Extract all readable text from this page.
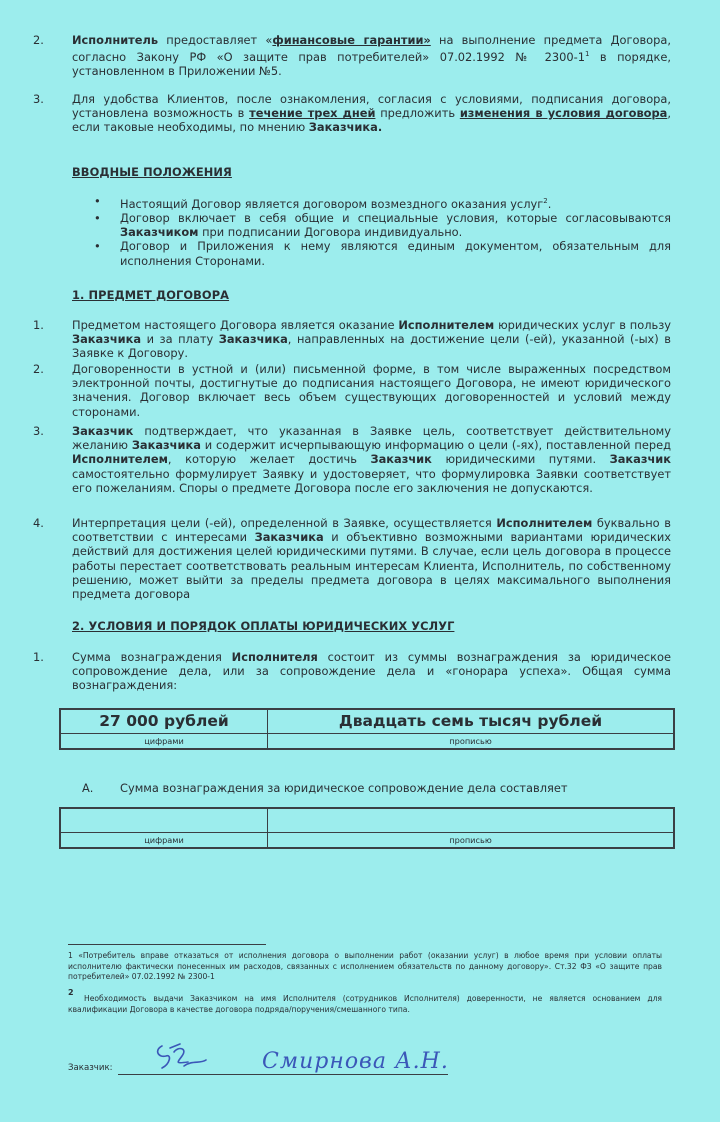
2. Исполнитель предоставляет «финансовые гарантии» на выполнение предмета Договора, согласно Закону РФ «О защите прав потребителей» 07.02.1992 № $2300-1^1$ в порядке, установленном в Приложении №5.
3. Для удобства Клиентов, после ознакомления, согласия с условиями, подписания договора, установлена возможность в течение трех дней предложить изменения в условия договора, если таковые необходимы, по мнению Заказчика.
ВВОДНЫЕ ПОЛОЖЕНИЯ
• Настоящий Договор является договором возмездного оказания услуг$^2$.
• Договор включает в себя общие и специальные условия, которые согласовываются Заказчиком при подписании Договора индивидуально.
• Договор и Приложения к нему являются единым документом, обязательным для исполнения Сторонами.
1. ПРЕДМЕТ ДОГОВОРА
1. Предметом настоящего Договора является оказание Исполнителем юридических услуг в пользу Заказчика и за плату Заказчика, направленных на достижение цели (-ей), указанной (-ых) в Заявке к Договору.
2. Договоренности в устной и (или) письменной форме, в том числе выраженных посредством электронной почты, достигнутые до подписания настоящего Договора, не имеют юридического значения. Договор включает весь объем существующих договоренностей и условий между сторонами.
3. Заказчик подтверждает, что указанная в Заявке цель, соответствует действительному желанию Заказчика и содержит исчерпывающую информацию о цели (-ях), поставленной перед Исполнителем, которую желает достичь Заказчик юридическими путями. Заказчик самостоятельно формулирует Заявку и удостоверяет, что формулировка Заявки соответствует его пожеланиям. Споры о предмете Договора после его заключения не допускаются.
4. Интерпретация цели (-ей), определенной в Заявке, осуществляется Исполнителем буквально в соответствии с интересами Заказчика и объективно возможными вариантами юридических действий для достижения целей юридическими путями. В случае, если цель договора в процессе работы перестает соответствовать реальным интересам Клиента, Исполнитель, по собственному решению, может выйти за пределы предмета договора в целях максимального выполнения предмета договора
2. УСЛОВИЯ И ПОРЯДОК ОПЛАТЫ ЮРИДИЧЕСКИХ УСЛУГ
1. Сумма вознаграждения Исполнителя состоит из суммы вознаграждения за юридическое сопровождение дела, или за сопровождение дела и «гонорара успеха». Общая сумма вознаграждения:
27 000 рублей	Двадцать семь тысяч рублей
цифрами	прописью
А. Сумма вознаграждения за юридическое сопровождение дела составляет
цифрами	прописью
1 «Потребитель вправе отказаться от исполнения договора о выполнении работ (оказании услуг) в любое время при условии оплаты исполнителю фактически понесенных им расходов, связанных с исполнением обязательств по данному договору». Ст.32 ФЗ «О защите прав потребителей» 07.02.1992 № 2300-1
2
Необходимость выдачи Заказчиком на имя Исполнителя (сотрудников Исполнителя) доверенности, не является основанием для квалификации Договора в качестве договора подряда/поручения/смешанного типа.
Заказчик:	Смирнова А.Н.
